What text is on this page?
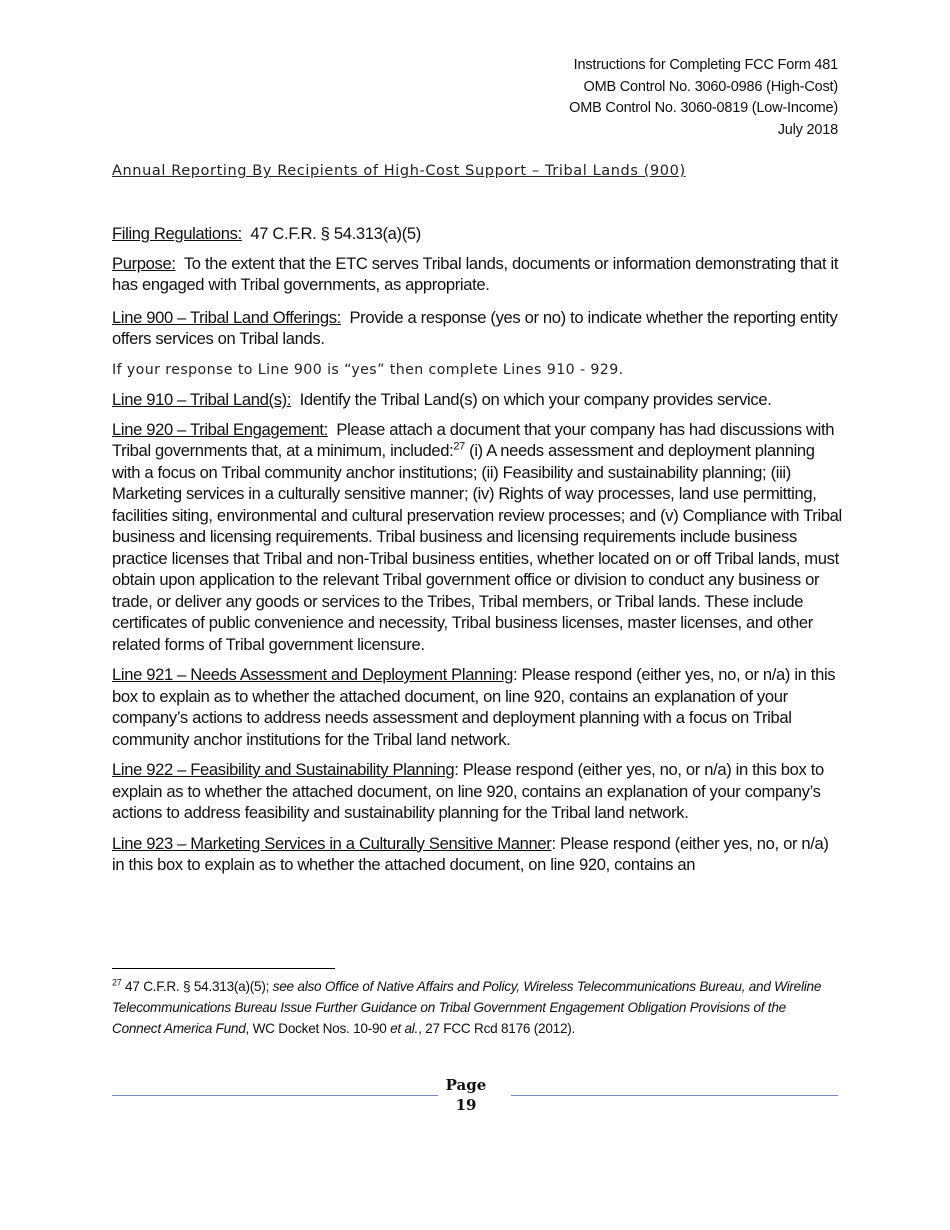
Instructions for Completing FCC Form 481
OMB Control No. 3060-0986 (High-Cost)
OMB Control No. 3060-0819 (Low-Income)
July 2018
Annual Reporting By Recipients of High-Cost Support – Tribal Lands (900)

Filing Regulations: 47 C.F.R. § 54.313(a)(5)

Purpose: To the extent that the ETC serves Tribal lands, documents or information demonstrating that it has engaged with Tribal governments, as appropriate.

Line 900 – Tribal Land Offerings: Provide a response (yes or no) to indicate whether the reporting entity offers services on Tribal lands.

If your response to Line 900 is “yes” then complete Lines 910 - 929.

Line 910 – Tribal Land(s): Identify the Tribal Land(s) on which your company provides service.

Line 920 – Tribal Engagement: Please attach a document that your company has had discussions with Tribal governments that, at a minimum, included:$^{27}$ (i) A needs assessment and deployment planning with a focus on Tribal community anchor institutions; (ii) Feasibility and sustainability planning; (iii) Marketing services in a culturally sensitive manner; (iv) Rights of way processes, land use permitting, facilities siting, environmental and cultural preservation review processes; and (v) Compliance with Tribal business and licensing requirements. Tribal business and licensing requirements include business practice licenses that Tribal and non-Tribal business entities, whether located on or off Tribal lands, must obtain upon application to the relevant Tribal government office or division to conduct any business or trade, or deliver any goods or services to the Tribes, Tribal members, or Tribal lands. These include certificates of public convenience and necessity, Tribal business licenses, master licenses, and other related forms of Tribal government licensure.

Line 921 – Needs Assessment and Deployment Planning: Please respond (either yes, no, or n/a) in this box to explain as to whether the attached document, on line 920, contains an explanation of your company’s actions to address needs assessment and deployment planning with a focus on Tribal community anchor institutions for the Tribal land network.

Line 922 – Feasibility and Sustainability Planning: Please respond (either yes, no, or n/a) in this box to explain as to whether the attached document, on line 920, contains an explanation of your company’s actions to address feasibility and sustainability planning for the Tribal land network.

Line 923 – Marketing Services in a Culturally Sensitive Manner: Please respond (either yes, no, or n/a) in this box to explain as to whether the attached document, on line 920, contains an

$^{27}$ 47 C.F.R. § 54.313(a)(5); see also Office of Native Affairs and Policy, Wireless Telecommunications Bureau, and Wireline Telecommunications Bureau Issue Further Guidance on Tribal Government Engagement Obligation Provisions of the Connect America Fund, WC Docket Nos. 10-90 et al., 27 FCC Rcd 8176 (2012).
Page
19
